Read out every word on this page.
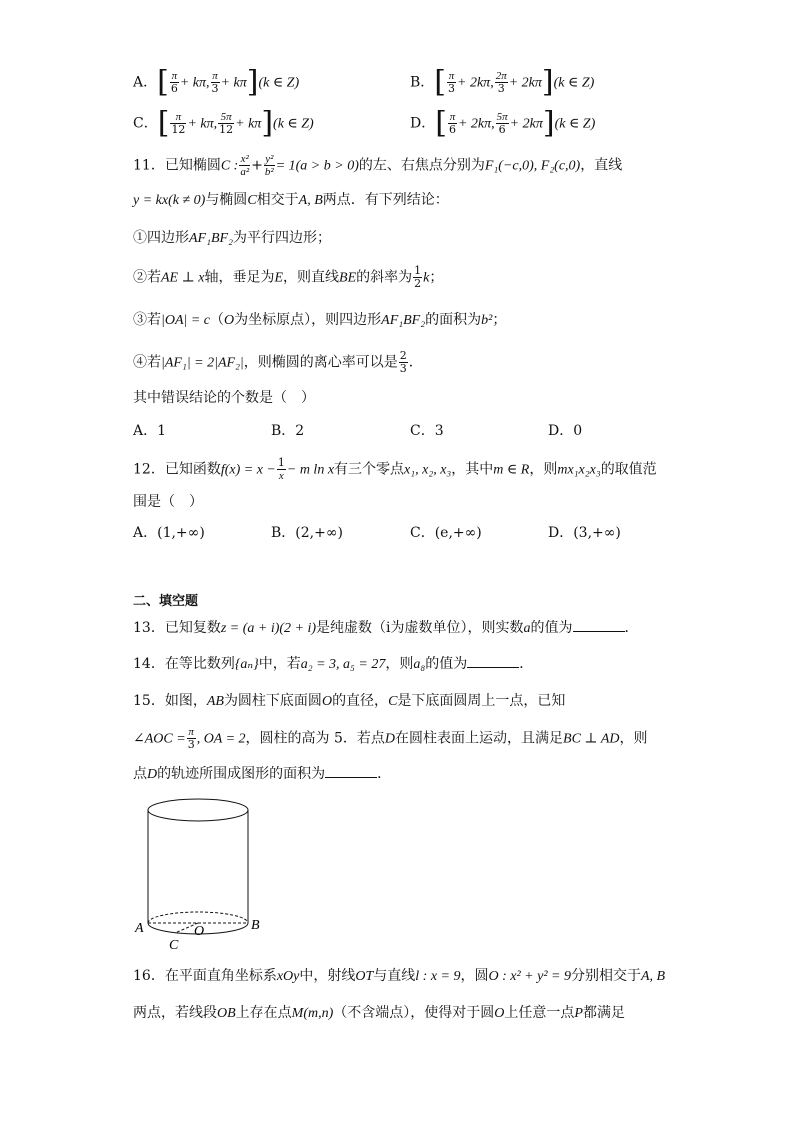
A．[ $\frac{\pi}{6} + k\pi$, $\frac{\pi}{3} + k\pi](k$ ∈ Z)	B．[ $\frac{\pi}{3} + 2k\pi$, $\frac{2\pi}{3} + 2k\pi](k$ ∈ Z)
C．[ $\frac{\pi}{12} + k\pi$, $\frac{5\pi}{12} + k\pi](k$ ∈ Z)	D．[ $\frac{\pi}{6} + 2k\pi$, $\frac{5\pi}{6} + 2k\pi](k$ ∈ Z)
11．已知椭圆C : $\frac{\text{x²}}{\text{a²}} + \frac{\text{y²}}{\text{b²}} = 1(a > b > 0)$的左、右焦点分别为F₁(−c,0), F₂(c,0)，直线
y = kx(k ≠ 0)与椭圆C相交于A, B两点．有下列结论：
①四边形AF₁BF₂为平行四边形；
②若AE ⊥ x轴，垂足为E，则直线BE的斜率为 $\frac{1}{2}$ k；
③若|OA| = c（O为坐标原点），则四边形AF₁BF₂的面积为b²；
④若|AF₁| = 2|AF₂|，则椭圆的离心率可以是 $\frac{2}{3}$ ．
其中错误结论的个数是（　）
A．1	B．2	C．3	D．0
12．已知函数$f(x) = x - \frac{1}{x} - m$ ln x有三个零点x₁, x₂, x₃，其中m ∈ R，则mx₁x₂x₃的取值范
围是（　）
A．(1,+∞)	B．(2,+∞)	C．(e,+∞)	D．(3,+∞)
二、填空题
13．已知复数z = (a + i)(2 + i)是纯虚数（i为虚数单位），则实数a的值为	．
14．在等比数列{aₙ}中，若a₂ = 3, a₅ = 27，则a₈的值为	．
15．如图，AB为圆柱下底面圆O的直径，C是下底面圆周上一点，已知
∠AOC = $\frac{\pi}{3}$ , OA = 2，圆柱的高为 5．若点D在圆柱表面上运动，且满足BC ⊥ AD，则
点D的轨迹所围成图形的面积为	．
A	B
O
C
16．在平面直角坐标系xOy中，射线OT与直线l : x = 9，圆O : x² + y² = 9分别相交于A, B
两点，若线段OB上存在点M(m,n)（不含端点），使得对于圆O上任意一点P都满足
